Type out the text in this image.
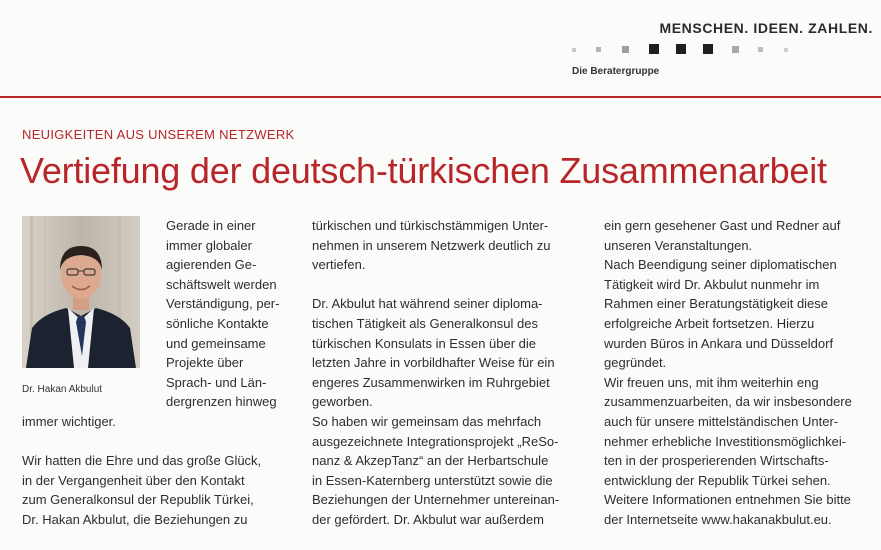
MENSCHEN. IDEEN. ZAHLEN.
Die Beratergruppe
NEUIGKEITEN AUS UNSEREM NETZWERK
Vertiefung der deutsch-türkischen Zusammenarbeit
Dr. Hakan Akbulut
Gerade in einer
immer globaler
agierenden Ge-
schäftswelt werden
Verständigung, per-
sönliche Kontakte
und gemeinsame
Projekte über
Sprach- und Län-
dergrenzen hinweg
immer wichtiger.
Wir hatten die Ehre und das große Glück,
in der Vergangenheit über den Kontakt
zum Generalkonsul der Republik Türkei,
Dr. Hakan Akbulut, die Beziehungen zu
türkischen und türkischstämmigen Unter-
nehmen in unserem Netzwerk deutlich zu
vertiefen.
Dr. Akbulut hat während seiner diploma-
tischen Tätigkeit als Generalkonsul des
türkischen Konsulats in Essen über die
letzten Jahre in vorbildhafter Weise für ein
engeres Zusammenwirken im Ruhrgebiet
geworben.
So haben wir gemeinsam das mehrfach
ausgezeichnete Integrationsprojekt „ReSo-
nanz & AkzepTanz“ an der Herbartschule
in Essen-Katernberg unterstützt sowie die
Beziehungen der Unternehmer untereinan-
der gefördert. Dr. Akbulut war außerdem
ein gern gesehener Gast und Redner auf
unseren Veranstaltungen.
Nach Beendigung seiner diplomatischen
Tätigkeit wird Dr. Akbulut nunmehr im
Rahmen einer Beratungstätigkeit diese
erfolgreiche Arbeit fortsetzen. Hierzu
wurden Büros in Ankara und Düsseldorf
gegründet.
Wir freuen uns, mit ihm weiterhin eng
zusammenzuarbeiten, da wir insbesondere
auch für unsere mittelständischen Unter-
nehmer erhebliche Investitionsmöglichkei-
ten in der prosperierenden Wirtschafts-
entwicklung der Republik Türkei sehen.
Weitere Informationen entnehmen Sie bitte
der Internetseite www.hakanakbulut.eu.
